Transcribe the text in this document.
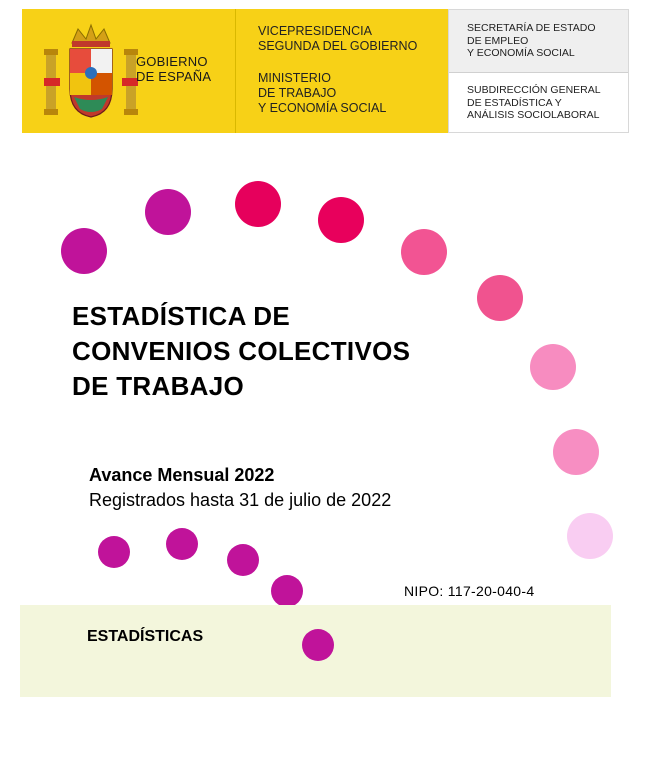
GOBIERNO
DE ESPAÑA
VICEPRESIDENCIA
SEGUNDA DEL GOBIERNO
MINISTERIO
DE TRABAJO
Y ECONOMÍA SOCIAL
SECRETARÍA DE ESTADO
DE EMPLEO
Y ECONOMÍA SOCIAL
SUBDIRECCIÓN GENERAL
DE ESTADÍSTICA Y
ANÁLISIS SOCIOLABORAL
ESTADÍSTICA DE
CONVENIOS COLECTIVOS
DE TRABAJO
Avance Mensual 2022
Registrados hasta 31 de julio de 2022
NIPO: 117-20-040-4
ESTADÍSTICAS
